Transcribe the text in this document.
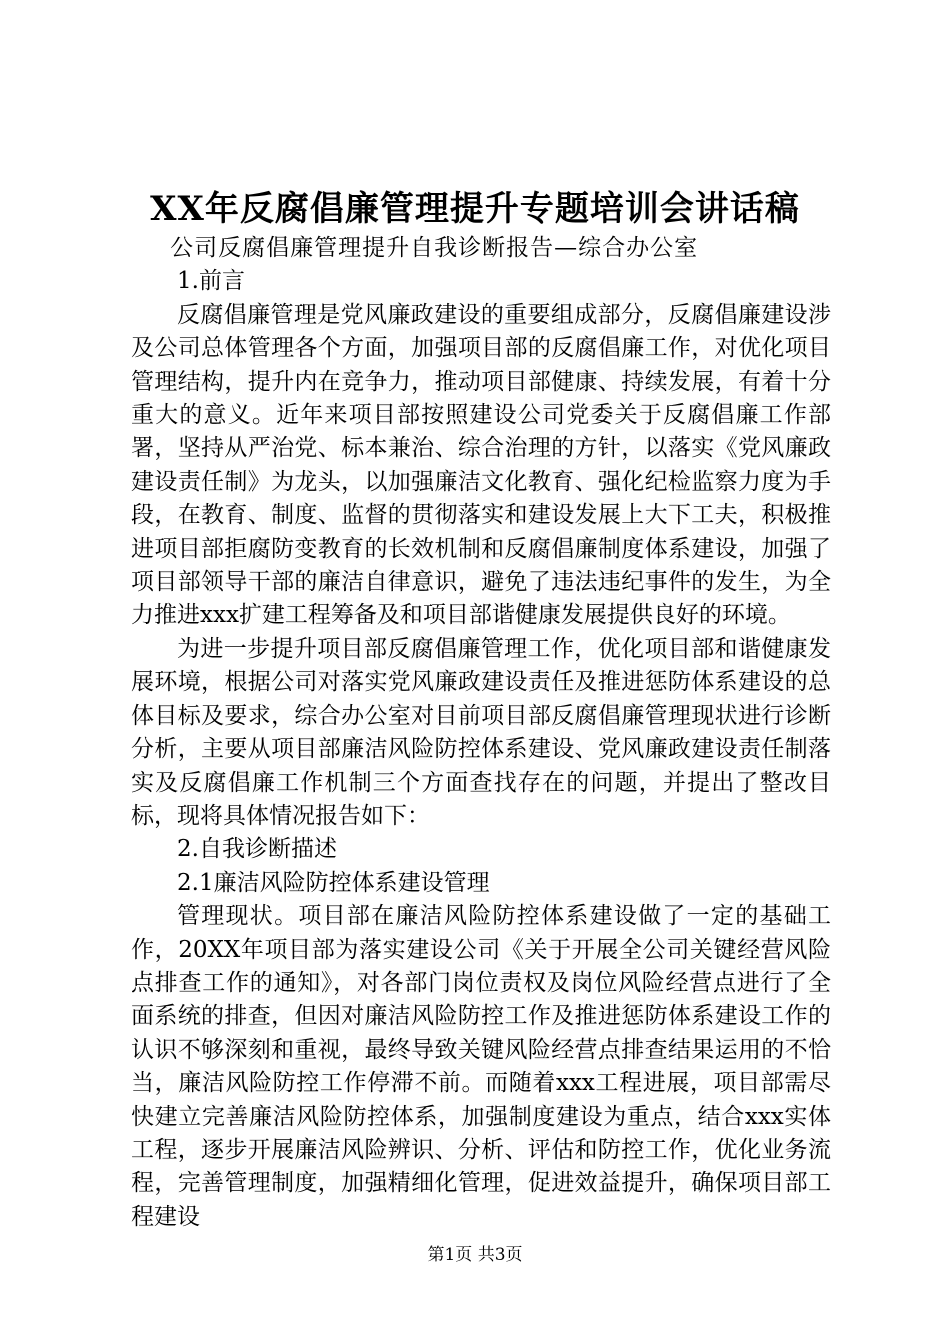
XX年反腐倡廉管理提升专题培训会讲话稿

公司反腐倡廉管理提升自我诊断报告—综合办公室

1.前言

反腐倡廉管理是党风廉政建设的重要组成部分，反腐倡廉建设涉及公司总体管理各个方面，加强项目部的反腐倡廉工作，对优化项目管理结构，提升内在竞争力，推动项目部健康、持续发展，有着十分重大的意义。近年来项目部按照建设公司党委关于反腐倡廉工作部署，坚持从严治党、标本兼治、综合治理的方针，以落实《党风廉政建设责任制》为龙头，以加强廉洁文化教育、强化纪检监察力度为手段，在教育、制度、监督的贯彻落实和建设发展上大下工夫，积极推进项目部拒腐防变教育的长效机制和反腐倡廉制度体系建设，加强了项目部领导干部的廉洁自律意识，避免了违法违纪事件的发生，为全力推进xxx扩建工程筹备及和项目部谐健康发展提供良好的环境。

为进一步提升项目部反腐倡廉管理工作，优化项目部和谐健康发展环境，根据公司对落实党风廉政建设责任及推进惩防体系建设的总体目标及要求，综合办公室对目前项目部反腐倡廉管理现状进行诊断分析，主要从项目部廉洁风险防控体系建设、党风廉政建设责任制落实及反腐倡廉工作机制三个方面查找存在的问题，并提出了整改目标，现将具体情况报告如下：

2.自我诊断描述

2.1廉洁风险防控体系建设管理

管理现状。项目部在廉洁风险防控体系建设做了一定的基础工作，20XX年项目部为落实建设公司《关于开展全公司关键经营风险点排查工作的通知》，对各部门岗位责权及岗位风险经营点进行了全面系统的排查，但因对廉洁风险防控工作及推进惩防体系建设工作的认识不够深刻和重视，最终导致关键风险经营点排查结果运用的不恰当，廉洁风险防控工作停滞不前。而随着xxx工程进展，项目部需尽快建立完善廉洁风险防控体系，加强制度建设为重点，结合xxx实体工程，逐步开展廉洁风险辨识、分析、评估和防控工作，优化业务流程，完善管理制度，加强精细化管理，促进效益提升，确保项目部工程建设

第1页 共3页
